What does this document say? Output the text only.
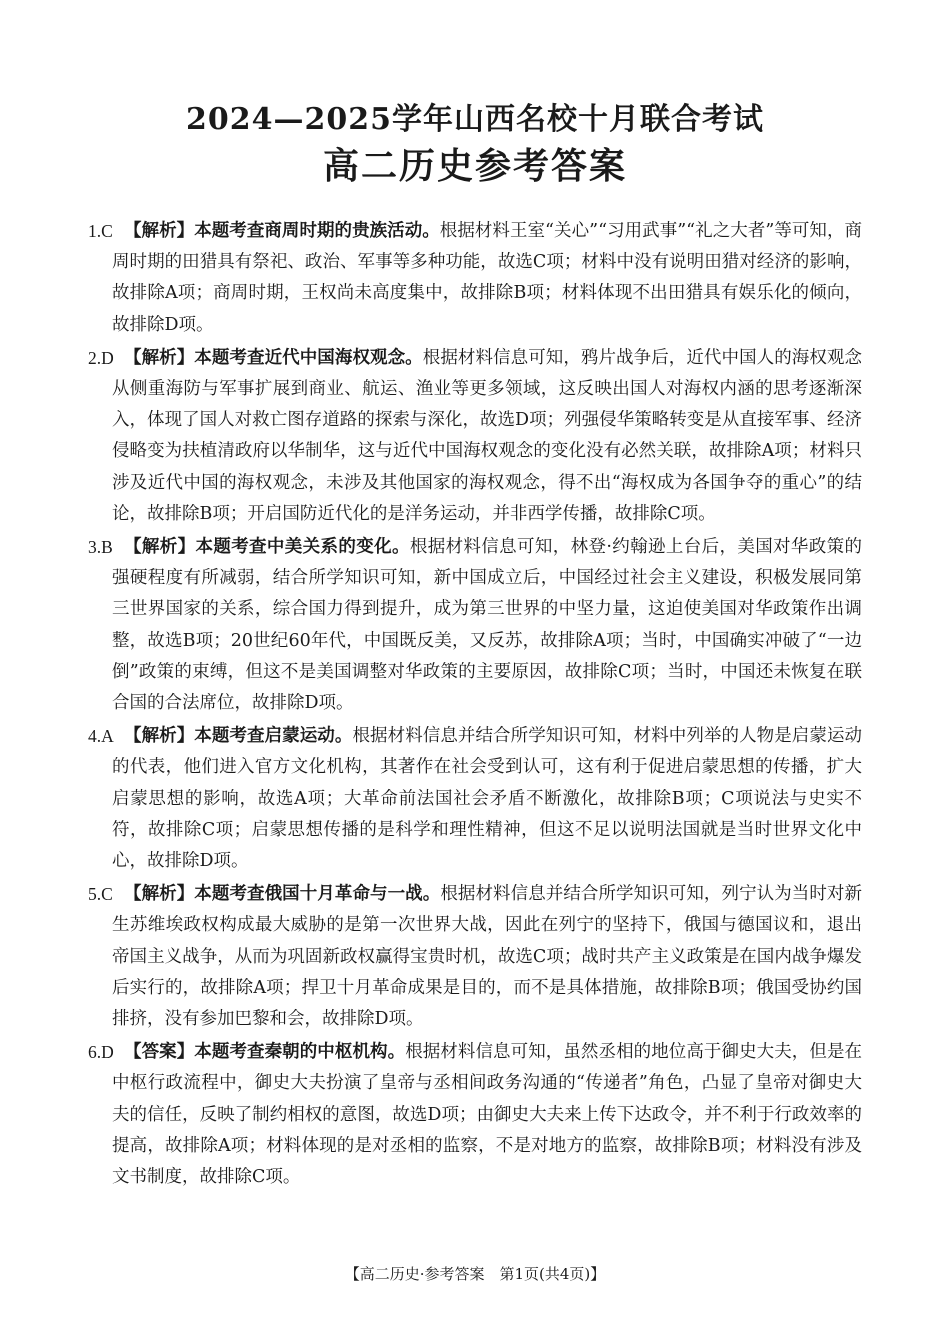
2024—2025学年山西名校十月联合考试
高二历史参考答案
1.C 【解析】本题考查商周时期的贵族活动。根据材料王室“关心”“习用武事”“礼之大者”等可知，商周时期的田猎具有祭祀、政治、军事等多种功能，故选C项；材料中没有说明田猎对经济的影响，故排除A项；商周时期，王权尚未高度集中，故排除B项；材料体现不出田猎具有娱乐化的倾向，故排除D项。
2.D 【解析】本题考查近代中国海权观念。根据材料信息可知，鸦片战争后，近代中国人的海权观念从侧重海防与军事扩展到商业、航运、渔业等更多领域，这反映出国人对海权内涵的思考逐渐深入，体现了国人对救亡图存道路的探索与深化，故选D项；列强侵华策略转变是从直接军事、经济侵略变为扶植清政府以华制华，这与近代中国海权观念的变化没有必然关联，故排除A项；材料只涉及近代中国的海权观念，未涉及其他国家的海权观念，得不出“海权成为各国争夺的重心”的结论，故排除B项；开启国防近代化的是洋务运动，并非西学传播，故排除C项。
3.B 【解析】本题考查中美关系的变化。根据材料信息可知，林登·约翰逊上台后，美国对华政策的强硬程度有所减弱，结合所学知识可知，新中国成立后，中国经过社会主义建设，积极发展同第三世界国家的关系，综合国力得到提升，成为第三世界的中坚力量，这迫使美国对华政策作出调整，故选B项；20世纪60年代，中国既反美，又反苏，故排除A项；当时，中国确实冲破了“一边倒”政策的束缚，但这不是美国调整对华政策的主要原因，故排除C项；当时，中国还未恢复在联合国的合法席位，故排除D项。
4.A 【解析】本题考查启蒙运动。根据材料信息并结合所学知识可知，材料中列举的人物是启蒙运动的代表，他们进入官方文化机构，其著作在社会受到认可，这有利于促进启蒙思想的传播，扩大启蒙思想的影响，故选A项；大革命前法国社会矛盾不断激化，故排除B项；C项说法与史实不符，故排除C项；启蒙思想传播的是科学和理性精神，但这不足以说明法国就是当时世界文化中心，故排除D项。
5.C 【解析】本题考查俄国十月革命与一战。根据材料信息并结合所学知识可知，列宁认为当时对新生苏维埃政权构成最大威胁的是第一次世界大战，因此在列宁的坚持下，俄国与德国议和，退出帝国主义战争，从而为巩固新政权赢得宝贵时机，故选C项；战时共产主义政策是在国内战争爆发后实行的，故排除A项；捍卫十月革命成果是目的，而不是具体措施，故排除B项；俄国受协约国排挤，没有参加巴黎和会，故排除D项。
6.D 【答案】本题考查秦朝的中枢机构。根据材料信息可知，虽然丞相的地位高于御史大夫，但是在中枢行政流程中，御史大夫扮演了皇帝与丞相间政务沟通的“传递者”角色，凸显了皇帝对御史大夫的信任，反映了制约相权的意图，故选D项；由御史大夫来上传下达政令，并不利于行政效率的提高，故排除A项；材料体现的是对丞相的监察，不是对地方的监察，故排除B项；材料没有涉及文书制度，故排除C项。
【高二历史·参考答案　第1页(共4页)】
